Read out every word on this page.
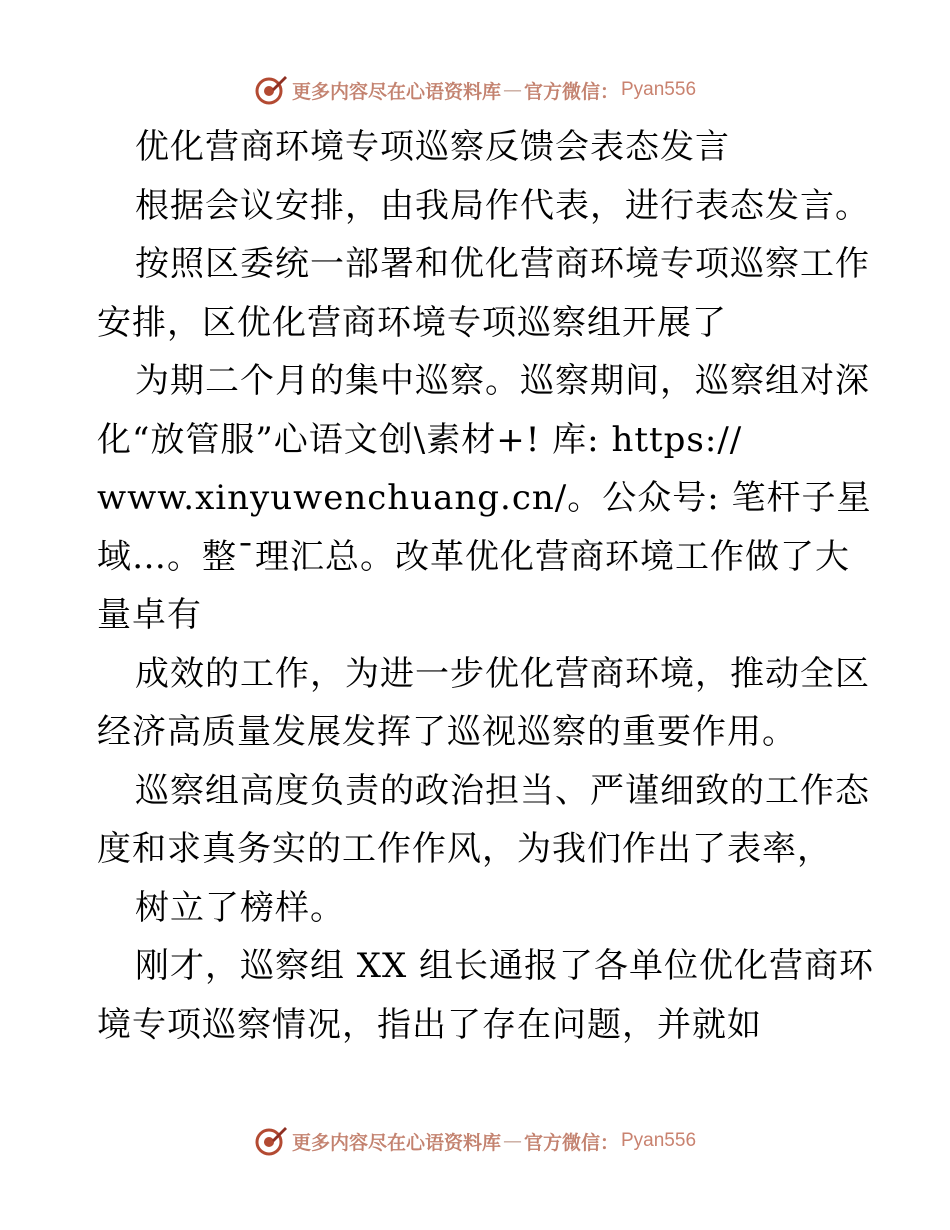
更多内容尽在心语资料库 — 官方微信： Pyan556
优化营商环境专项巡察反馈会表态发言
根据会议安排，由我局作代表，进行表态发言。
按照区委统一部署和优化营商环境专项巡察工作
安排，区优化营商环境专项巡察组开展了
为期二个月的集中巡察。巡察期间，巡察组对深
化“放管服”心语文创\素材+! 库: https://
www.xinyuwenchuang.cn/。公众号: 笔杆子星
域…。整¯理汇总。改革优化营商环境工作做了大
量卓有
成效的工作，为进一步优化营商环境，推动全区
经济高质量发展发挥了巡视巡察的重要作用。
巡察组高度负责的政治担当、严谨细致的工作态
度和求真务实的工作作风，为我们作出了表率，
树立了榜样。
刚才，巡察组 XX 组长通报了各单位优化营商环
境专项巡察情况，指出了存在问题，并就如
更多内容尽在心语资料库 — 官方微信： Pyan556
